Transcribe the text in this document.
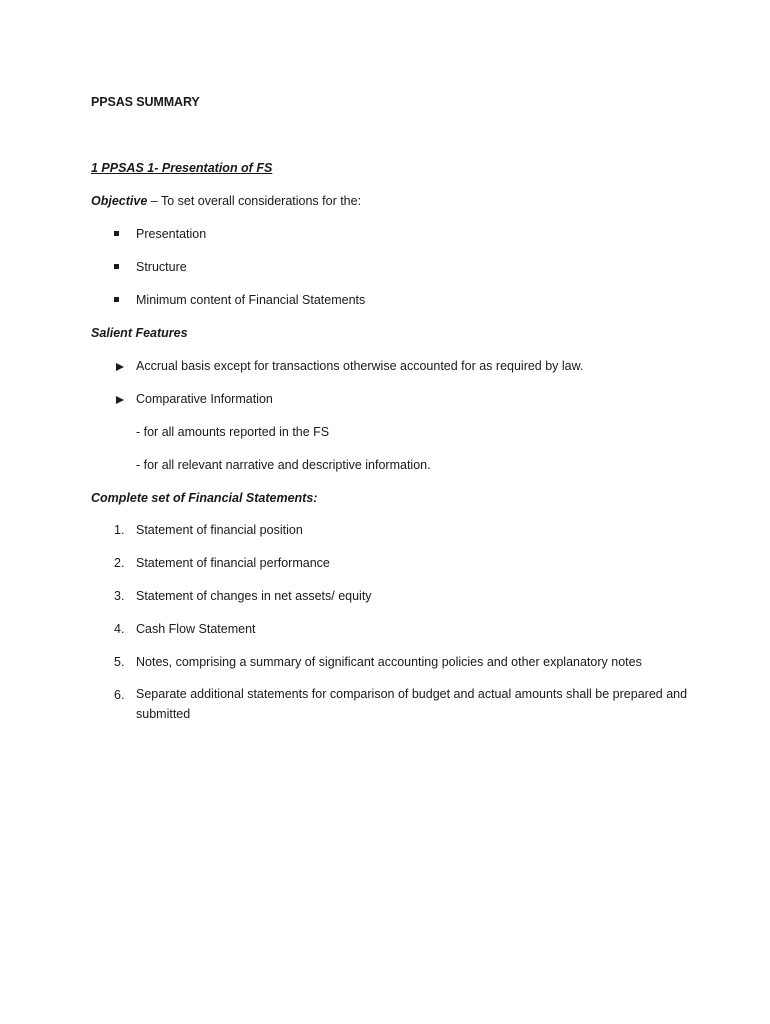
PPSAS SUMMARY
1 PPSAS 1- Presentation of FS
Objective – To set overall considerations for the:
Presentation
Structure
Minimum content of Financial Statements
Salient Features
Accrual basis except for transactions otherwise accounted for as required by law.
Comparative Information
- for all amounts reported in the FS
- for all relevant narrative and descriptive information.
Complete set of Financial Statements:
1. Statement of financial position
2. Statement of financial performance
3. Statement of changes in net assets/ equity
4. Cash Flow Statement
5. Notes, comprising a summary of significant accounting policies and other explanatory notes
6. Separate additional statements for comparison of budget and actual amounts shall be prepared and submitted
